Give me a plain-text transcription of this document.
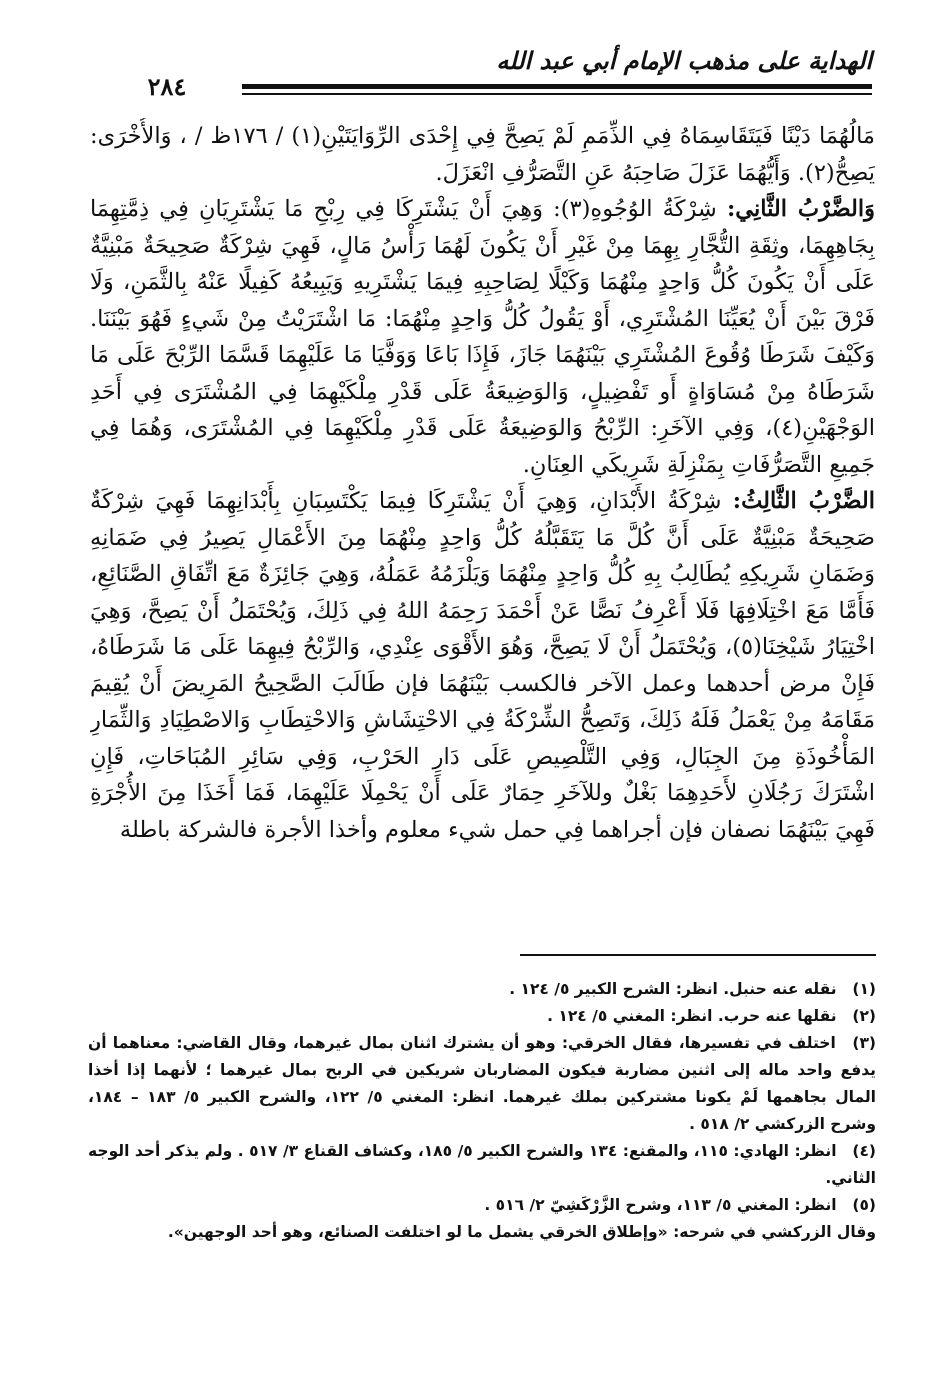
الهداية على مذهب الإمام أبي عبد الله
٢٨٤

مَالُهُمَا دَيْنًا فَيَتَقَاسِمَاهُ فِي الذِّمَمِ لَمْ يَصِحَّ فِي إِحْدَى الرِّوَايَتَيْنِ(١) / ١٧٦ظ / ، وَالأُخْرَى: يَصِحُّ(٢). وَأَيُّهُمَا عَزَلَ صَاحِبَهُ عَنِ التَّصَرُّفِ انْعَزَلَ.

وَالضَّرْبُ الثَّانِي: شِرْكَةُ الوُجُوهِ(٣): وَهِيَ أَنْ يَشْتَرِكَا فِي رِبْحِ مَا يَشْتَرِيَانِ فِي ذِمَّتِهِمَا بِجَاهِهِمَا، وثِقَةِ التُّجَّارِ بِهِمَا مِنْ غَيْرِ أَنْ يَكُونَ لَهُمَا رَأْسُ مَالٍ، فَهِيَ شِرْكَةٌ صَحِيحَةٌ مَبْنِيَّةٌ عَلَى أَنْ يَكُونَ كُلُّ وَاحِدٍ مِنْهُمَا وَكَيْلًا لِصَاحِبِهِ فِيمَا يَشْتَرِيهِ وَيَبِيعُهُ كَفِيلًا عَنْهُ بِالثَّمَنِ، وَلَا فَرْقَ بَيْنَ أَنْ يُعَيِّنَا المُشْتَرِي، أَوْ يَقُولُ كُلُّ وَاحِدٍ مِنْهُمَا: مَا اشْتَرَيْتُ مِنْ شَيءٍ فَهُوَ بَيْنَنَا. وَكَيْفَ شَرَطَا وُقُوعَ المُشْتَرِي بَيْنَهُمَا جَازَ، فَإِذَا بَاعَا وَوَفَّيَا مَا عَلَيْهِمَا قَسَّمَا الرِّبْحَ عَلَى مَا شَرَطَاهُ مِنْ مُسَاوَاةٍ أَو تَفْضِيلٍ، وَالوَضِيعَةُ عَلَى قَدْرِ مِلْكَيْهِمَا فِي المُشْتَرَى فِي أَحَدِ الوَجْهَيْنِ(٤)، وَفِي الآخَرِ: الرِّبْحُ وَالوَضِيعَةُ عَلَى قَدْرِ مِلْكَيْهِمَا فِي المُشْتَرَى، وَهُمَا فِي جَمِيعِ التَّصَرُّفَاتِ بِمَنْزِلَةِ شَرِيكَي العِنَانِ.

الضَّرْبُ الثَّالِثُ: شِرْكَةُ الأَبْدَانِ، وَهِيَ أَنْ يَشْتَرِكَا فِيمَا يَكْتَسِبَانِ بِأَبْدَانِهِمَا فَهِيَ شِرْكَةٌ صَحِيحَةٌ مَبْنِيَّةٌ عَلَى أَنَّ كُلَّ مَا يَتَقَبَّلُهُ كُلُّ وَاحِدٍ مِنْهُمَا مِنَ الأَعْمَالِ يَصِيرُ فِي ضَمَانِهِ وَضَمَانِ شَرِيكِهِ يُطَالِبُ بِهِ كُلُّ وَاحِدٍ مِنْهُمَا وَيَلْزَمُهُ عَمَلُهُ، وَهِيَ جَائِزَةٌ مَعَ اتِّفَاقِ الصَّنَائِعِ، فَأَمَّا مَعَ اخْتِلَافِهَا فَلَا أَعْرِفُ نَصًّا عَنْ أَحْمَدَ رَحِمَهُ اللهُ فِي ذَلِكَ، وَيُحْتَمَلُ أَنْ يَصِحَّ، وَهِيَ اخْتِيَارُ شَيْخِنَا(٥)، وَيُحْتَمَلُ أَنْ لَا يَصِحَّ، وَهُوَ الأَقْوَى عِنْدِي، وَالرِّبْحُ فِيهِمَا عَلَى مَا شَرَطَاهُ، فَإِنْ مرض أحدهما وعمل الآخر فالكسب بَيْنَهُمَا فإن طَالَبَ الصَّحِيحُ المَرِيضَ أَنْ يُقِيمَ مَقَامَهُ مِنْ يَعْمَلُ فَلَهُ ذَلِكَ، وَتَصِحُّ الشِّرْكَةُ فِي الاحْتِشَاشِ وَالاحْتِطَابِ وَالاصْطِيَادِ وَالثِّمَارِ المَأْخُوذَةِ مِنَ الجِبَالِ، وَفِي التَّلْصِيصِ عَلَى دَارِ الحَرْبِ، وَفِي سَائِرِ المُبَاحَاتِ، فَإِنِ اشْتَرَكَ رَجُلَانِ لأَحَدِهِمَا بَغْلٌ وللآخَرِ حِمَارٌ عَلَى أَنْ يَحْمِلَا عَلَيْهِمَا، فَمَا أَخَذَا مِنَ الأُجْرَةِ فَهِيَ بَيْنَهُمَا نصفان فإن أجراهما فِي حمل شيء معلوم وأخذا الأجرة فالشركة باطلة

(١) نقله عنه حنبل. انظر: الشرح الكبير ٥/ ١٢٤ .

(٢) نقلها عنه حرب. انظر: المغني ٥/ ١٢٤ .

(٣) اختلف في تفسيرها، فقال الخرقي: وهو أن يشترك اثنان بمال غيرهما، وقال القاضي: معناهما أن يدفع واحد ماله إلى اثنين مضاربة فيكون المضاربان شريكين في الربح بمال غيرهما ؛ لأنهما إذا أخذا المال بجاهمها لَمْ يكونا مشتركين بملك غيرهما. انظر: المغني ٥/ ١٢٢، والشرح الكبير ٥/ ١٨٣ – ١٨٤، وشرح الزركشي ٢/ ٥١٨ .

(٤) انظر: الهادي: ١١٥، والمقنع: ١٣٤ والشرح الكبير ٥/ ١٨٥، وكشاف القناع ٣/ ٥١٧ . ولم يذكر أحد الوجه الثاني.

(٥) انظر: المغني ٥/ ١١٣، وشرح الزَّرْكَشِيّ ٢/ ٥١٦ .

وقال الزركشي في شرحه: «وإطلاق الخرقي يشمل ما لو اختلفت الصنائع، وهو أحد الوجهين».
